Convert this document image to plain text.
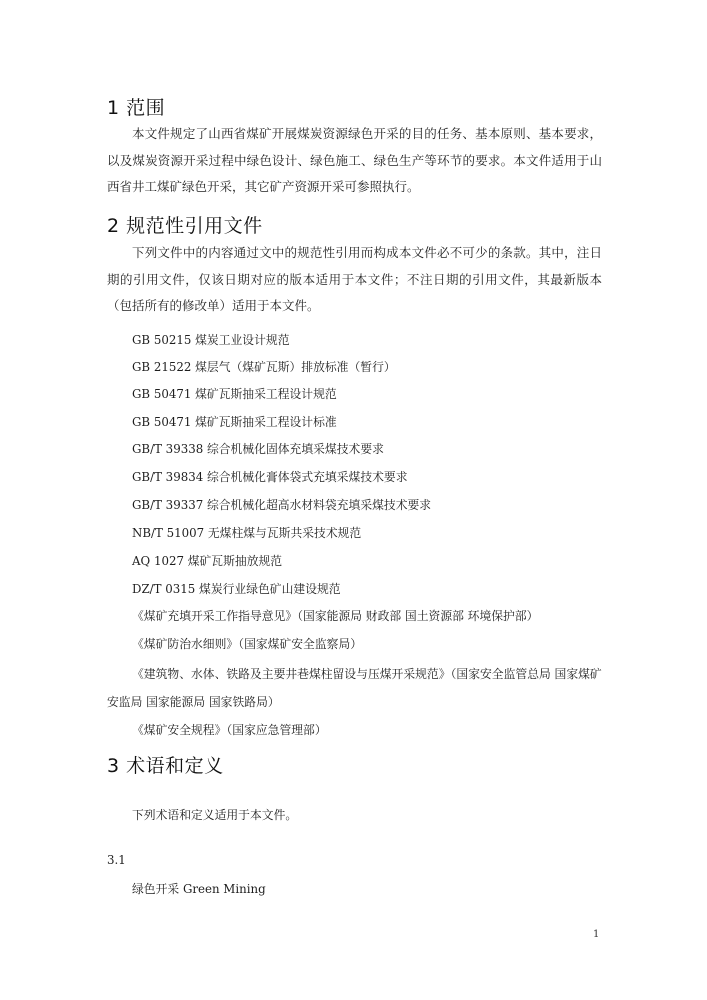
1 范围

本文件规定了山西省煤矿开展煤炭资源绿色开采的目的任务、基本原则、基本要求，以及煤炭资源开采过程中绿色设计、绿色施工、绿色生产等环节的要求。本文件适用于山西省井工煤矿绿色开采，其它矿产资源开采可参照执行。

2 规范性引用文件

下列文件中的内容通过文中的规范性引用而构成本文件必不可少的条款。其中，注日期的引用文件，仅该日期对应的版本适用于本文件；不注日期的引用文件，其最新版本（包括所有的修改单）适用于本文件。

GB 50215 煤炭工业设计规范
GB 21522 煤层气（煤矿瓦斯）排放标准（暂行）
GB 50471 煤矿瓦斯抽采工程设计规范
GB 50471 煤矿瓦斯抽采工程设计标准
GB/T 39338 综合机械化固体充填采煤技术要求
GB/T 39834 综合机械化膏体袋式充填采煤技术要求
GB/T 39337 综合机械化超高水材料袋充填采煤技术要求
NB/T 51007 无煤柱煤与瓦斯共采技术规范
AQ 1027 煤矿瓦斯抽放规范
DZ/T 0315 煤炭行业绿色矿山建设规范
《煤矿充填开采工作指导意见》（国家能源局 财政部 国土资源部 环境保护部）
《煤矿防治水细则》（国家煤矿安全监察局）

《建筑物、水体、铁路及主要井巷煤柱留设与压煤开采规范》（国家安全监管总局 国家煤矿安监局 国家能源局 国家铁路局）

《煤矿安全规程》（国家应急管理部）
3 术语和定义
下列术语和定义适用于本文件。
3.1
绿色开采 Green Mining
1
